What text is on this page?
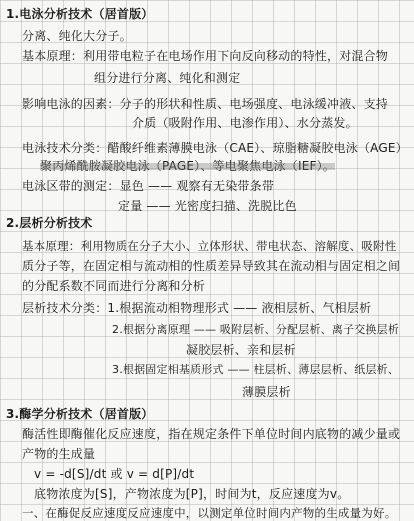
1.电泳分析技术（居首版）
分离、纯化大分子。
基本原理：利用带电粒子在电场作用下向反向移动的特性，对混合物
组分进行分离、纯化和测定
影响电泳的因素：分子的形状和性质、电场强度、电泳缓冲液、支持
介质（吸附作用、电渗作用）、水分蒸发。
电泳技术分类：醋酸纤维素薄膜电泳（CAE）、琼脂糖凝胶电泳（AGE）
聚丙烯酰胺凝胶电泳（PAGE）、等电聚焦电泳（IEF）。
电泳区带的测定：显色 —— 观察有无染带条带
定量 —— 光密度扫描、洗脱比色
2.层析分析技术
基本原理：利用物质在分子大小、立体形状、带电状态、溶解度、吸附性
质分子等，在固定相与流动相的性质差异导致其在流动相与固定相之间
的分配系数不同而进行分离和分析
层析技术分类：1.根据流动相物理形式 —— 液相层析、气相层析
2.根据分离原理 —— 吸附层析、分配层析、离子交换层析
凝胶层析、亲和层析
3.根据固定相基质形式 —— 柱层析、薄层层析、纸层析、
薄膜层析
3.酶学分析技术（居首版）
酶活性即酶催化反应速度，指在规定条件下单位时间内底物的减少量或
产物的生成量
v = -d[S]/dt 或 v = d[P]/dt
底物浓度为[S]，产物浓度为[P]，时间为t，反应速度为v。
一、在酶促反应速度反应速度中，以测定单位时间内产物的生成量为好。
